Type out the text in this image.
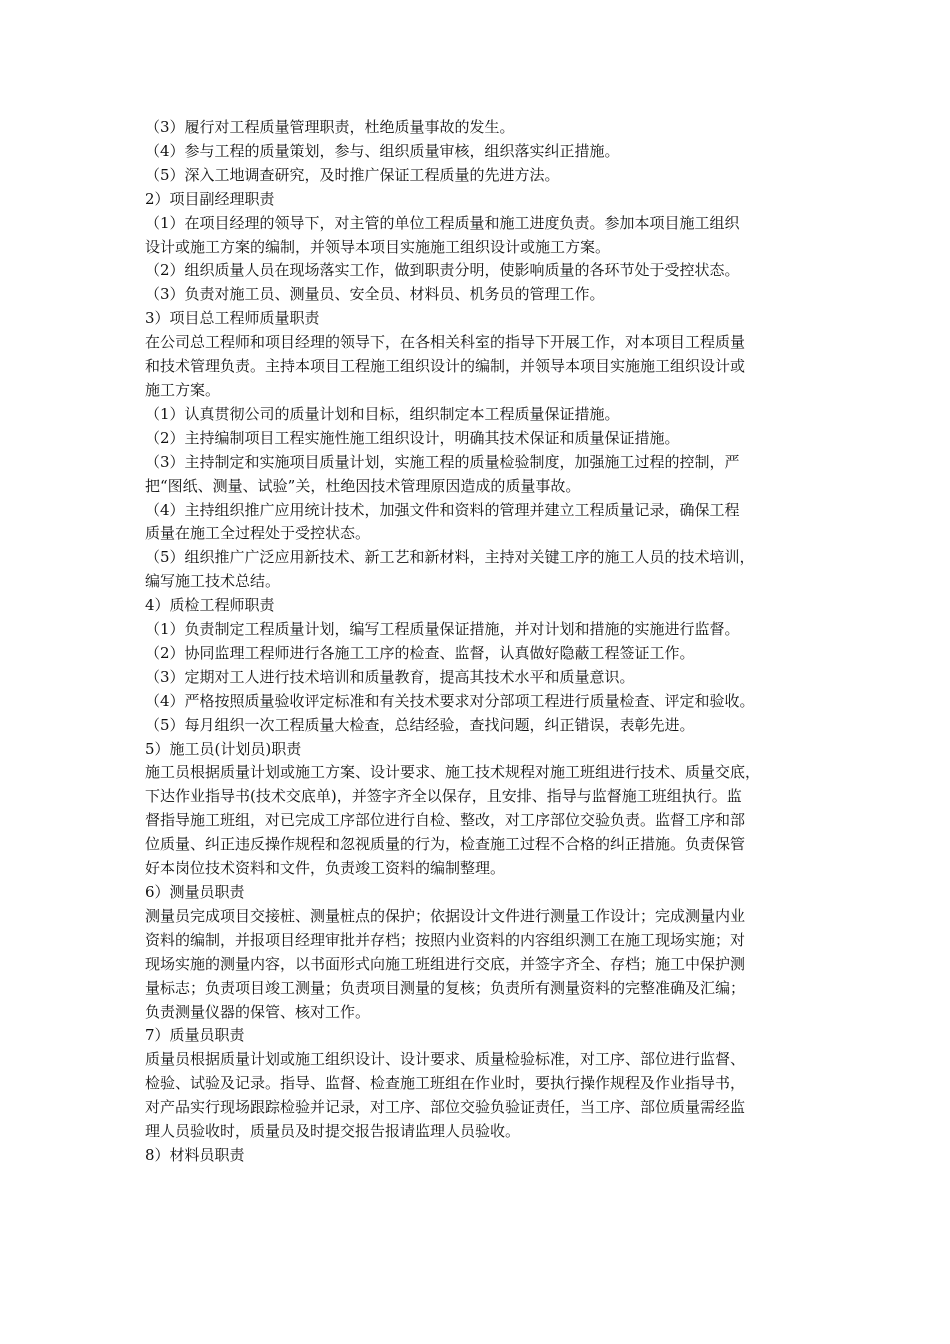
（3）履行对工程质量管理职责，杜绝质量事故的发生。

（4）参与工程的质量策划，参与、组织质量审核，组织落实纠正措施。

（5）深入工地调查研究，及时推广保证工程质量的先进方法。

2）项目副经理职责

（1）在项目经理的领导下，对主管的单位工程质量和施工进度负责。参加本项目施工组织

设计或施工方案的编制，并领导本项目实施施工组织设计或施工方案。

（2）组织质量人员在现场落实工作，做到职责分明，使影响质量的各环节处于受控状态。

（3）负责对施工员、测量员、安全员、材料员、机务员的管理工作。

3）项目总工程师质量职责

在公司总工程师和项目经理的领导下，在各相关科室的指导下开展工作，对本项目工程质量

和技术管理负责。主持本项目工程施工组织设计的编制，并领导本项目实施施工组织设计或

施工方案。

（1）认真贯彻公司的质量计划和目标，组织制定本工程质量保证措施。

（2）主持编制项目工程实施性施工组织设计，明确其技术保证和质量保证措施。

（3）主持制定和实施项目质量计划，实施工程的质量检验制度，加强施工过程的控制，严

把“图纸、测量、试验”关，杜绝因技术管理原因造成的质量事故。

（4）主持组织推广应用统计技术，加强文件和资料的管理并建立工程质量记录，确保工程

质量在施工全过程处于受控状态。

（5）组织推广广泛应用新技术、新工艺和新材料，主持对关键工序的施工人员的技术培训，

编写施工技术总结。

4）质检工程师职责

（1）负责制定工程质量计划，编写工程质量保证措施，并对计划和措施的实施进行监督。

（2）协同监理工程师进行各施工工序的检查、监督，认真做好隐蔽工程签证工作。

（3）定期对工人进行技术培训和质量教育，提高其技术水平和质量意识。

（4）严格按照质量验收评定标准和有关技术要求对分部项工程进行质量检查、评定和验收。

（5）每月组织一次工程质量大检查，总结经验，查找问题，纠正错误，表彰先进。

5）施工员(计划员)职责

施工员根据质量计划或施工方案、设计要求、施工技术规程对施工班组进行技术、质量交底，

下达作业指导书(技术交底单)，并签字齐全以保存，且安排、指导与监督施工班组执行。监

督指导施工班组，对已完成工序部位进行自检、整改，对工序部位交验负责。监督工序和部

位质量、纠正违反操作规程和忽视质量的行为，检查施工过程不合格的纠正措施。负责保管

好本岗位技术资料和文件，负责竣工资料的编制整理。

6）测量员职责

测量员完成项目交接桩、测量桩点的保护；依据设计文件进行测量工作设计；完成测量内业

资料的编制，并报项目经理审批并存档；按照内业资料的内容组织测工在施工现场实施；对

现场实施的测量内容，以书面形式向施工班组进行交底，并签字齐全、存档；施工中保护测

量标志；负责项目竣工测量；负责项目测量的复核；负责所有测量资料的完整准确及汇编；

负责测量仪器的保管、核对工作。

7）质量员职责

质量员根据质量计划或施工组织设计、设计要求、质量检验标准，对工序、部位进行监督、

检验、试验及记录。指导、监督、检查施工班组在作业时，要执行操作规程及作业指导书，

对产品实行现场跟踪检验并记录，对工序、部位交验负验证责任，当工序、部位质量需经监

理人员验收时，质量员及时提交报告报请监理人员验收。

8）材料员职责
